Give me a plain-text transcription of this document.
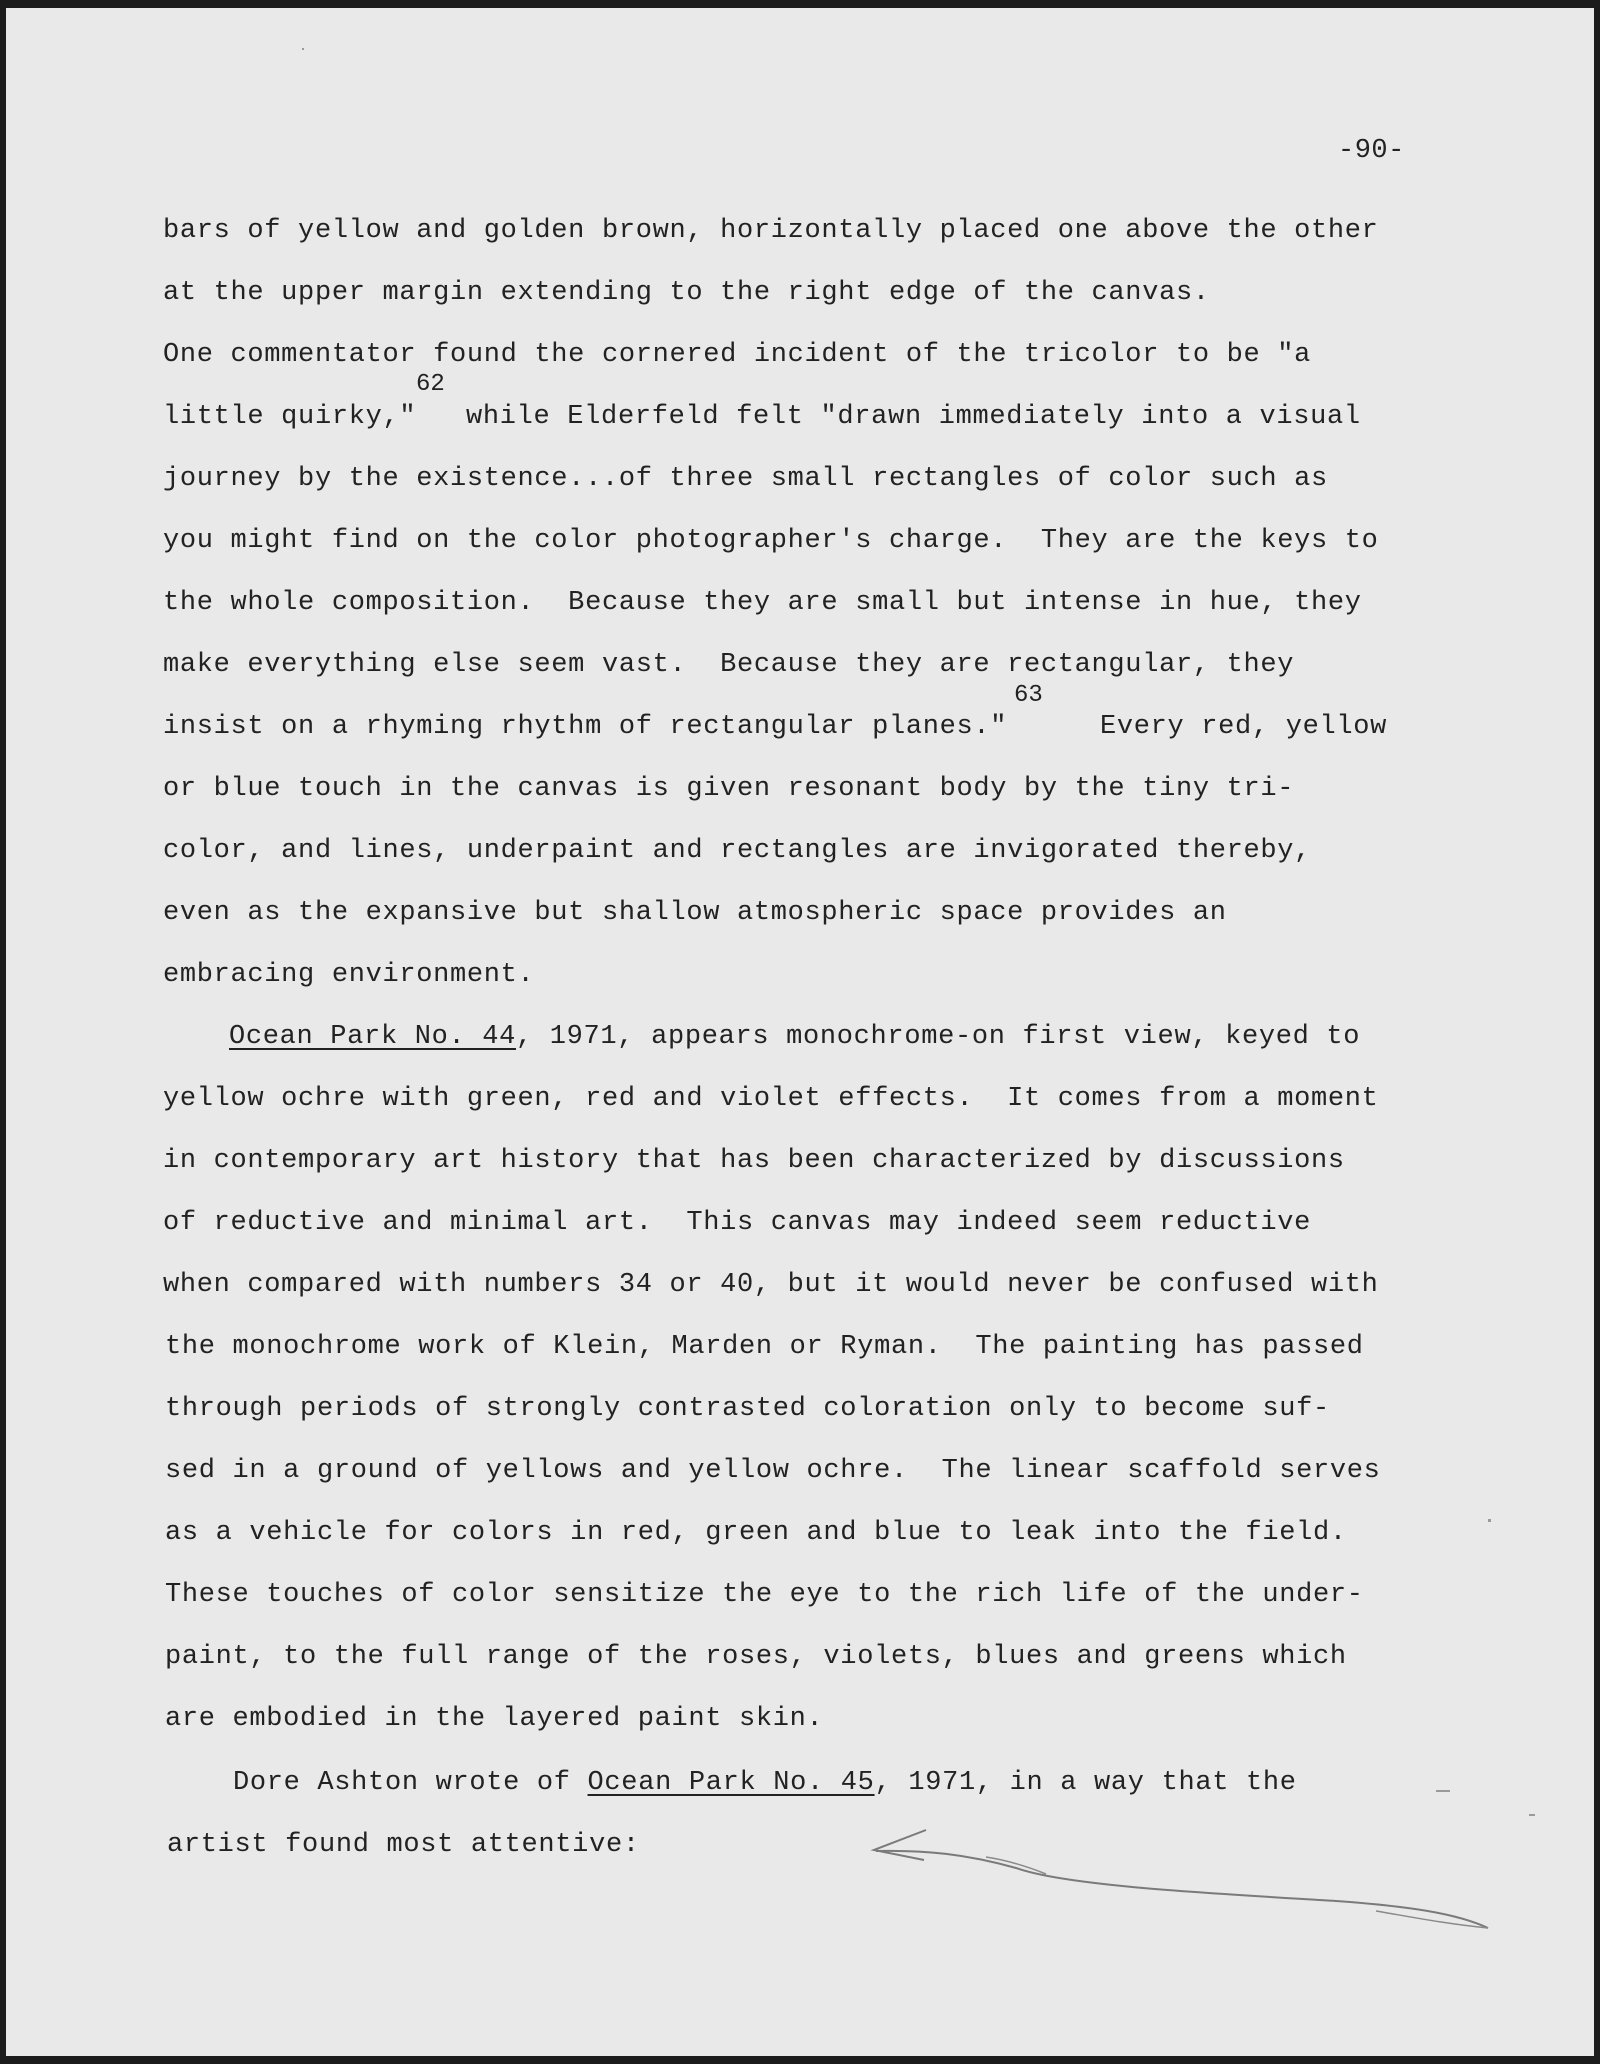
-90-
bars of yellow and golden brown, horizontally placed one above the other
at the upper margin extending to the right edge of the canvas.
One commentator found the cornered incident of the tricolor to be "a
62
little quirky," while Elderfeld felt "drawn immediately into a visual
journey by the existence...of three small rectangles of color such as
you might find on the color photographer's charge.  They are the keys to
the whole composition.  Because they are small but intense in hue, they
make everything else seem vast.  Because they are rectangular, they
63
insist on a rhyming rhythm of rectangular planes."	Every red, yellow
or blue touch in the canvas is given resonant body by the tiny tri-
color, and lines, underpaint and rectangles are invigorated thereby,
even as the expansive but shallow atmospheric space provides an
embracing environment.
Ocean Park No. 44, 1971, appears monochrome-on first view, keyed to
yellow ochre with green, red and violet effects.  It comes from a moment
in contemporary art history that has been characterized by discussions
of reductive and minimal art.  This canvas may indeed seem reductive
when compared with numbers 34 or 40, but it would never be confused with
the monochrome work of Klein, Marden or Ryman.  The painting has passed
through periods of strongly contrasted coloration only to become suf-
sed in a ground of yellows and yellow ochre.  The linear scaffold serves
as a vehicle for colors in red, green and blue to leak into the field.
These touches of color sensitize the eye to the rich life of the under-
paint, to the full range of the roses, violets, blues and greens which
are embodied in the layered paint skin.
Dore Ashton wrote of Ocean Park No. 45, 1971, in a way that the
artist found most attentive:
